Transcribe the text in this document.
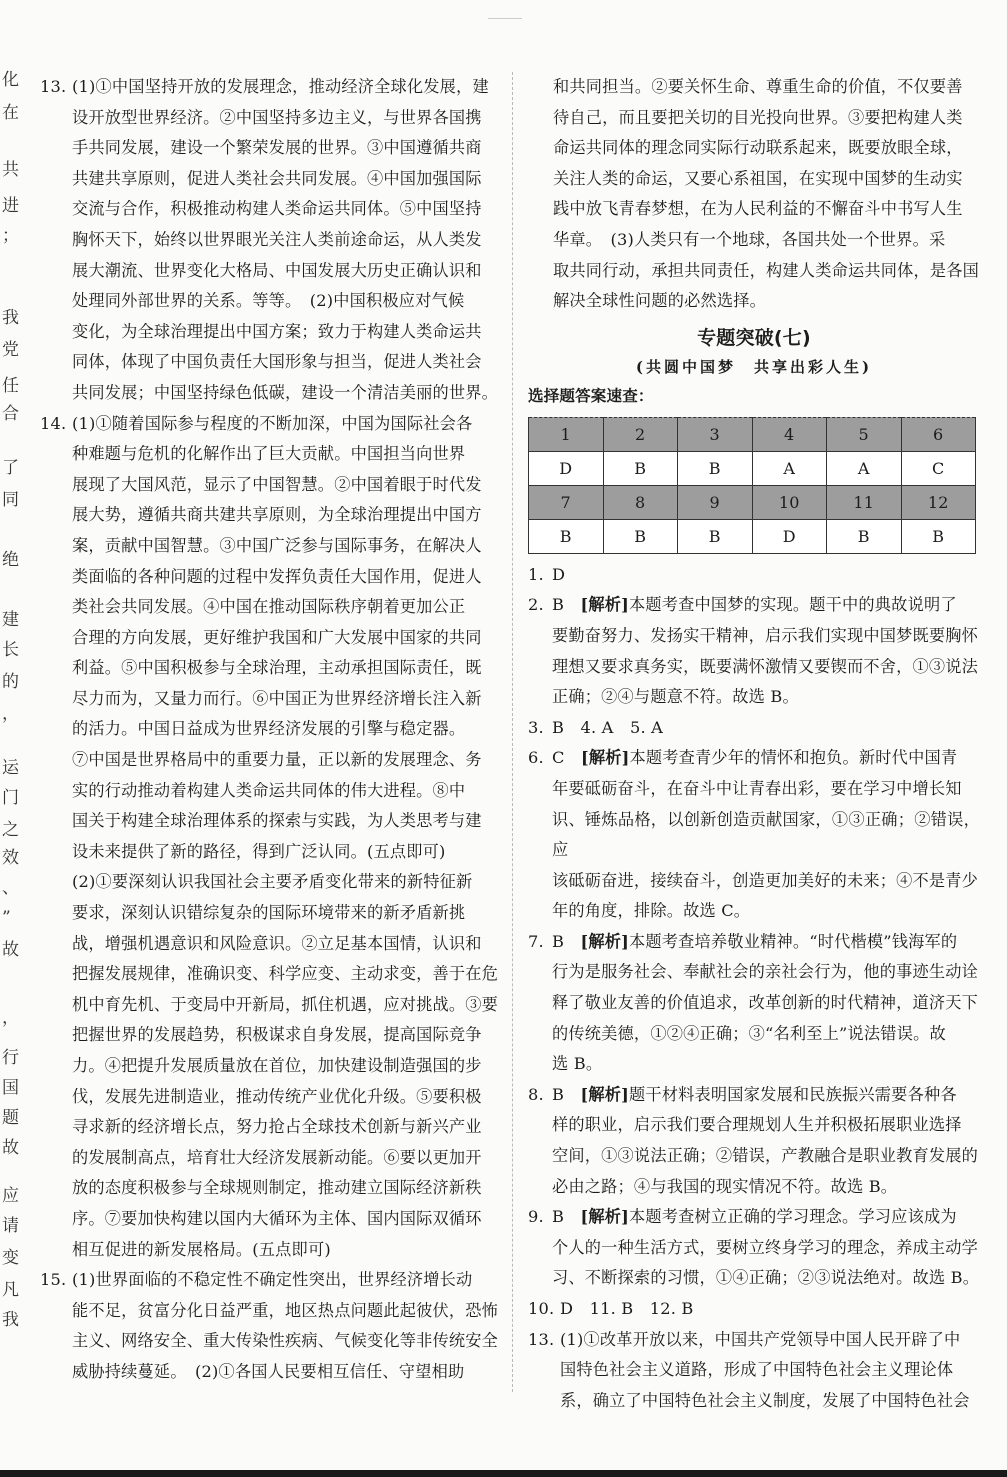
化
在
共
进
；
我
党
任
合
了
同
绝
建
长
的
，
运
门
之
效
、
”
故
，
行
国
题
故
应
请
变
凡
我
13. (1)①中国坚持开放的发展理念，推动经济全球化发展，建
设开放型世界经济。②中国坚持多边主义，与世界各国携
手共同发展，建设一个繁荣发展的世界。③中国遵循共商
共建共享原则，促进人类社会共同发展。④中国加强国际
交流与合作，积极推动构建人类命运共同体。⑤中国坚持
胸怀天下，始终以世界眼光关注人类前途命运，从人类发
展大潮流、世界变化大格局、中国发展大历史正确认识和
处理同外部世界的关系。等等。　(2)中国积极应对气候
变化，为全球治理提出中国方案；致力于构建人类命运共
同体，体现了中国负责任大国形象与担当，促进人类社会
共同发展；中国坚持绿色低碳，建设一个清洁美丽的世界。
14. (1)①随着国际参与程度的不断加深，中国为国际社会各
种难题与危机的化解作出了巨大贡献。中国担当向世界
展现了大国风范，显示了中国智慧。②中国着眼于时代发
展大势，遵循共商共建共享原则，为全球治理提出中国方
案，贡献中国智慧。③中国广泛参与国际事务，在解决人
类面临的各种问题的过程中发挥负责任大国作用，促进人
类社会共同发展。④中国在推动国际秩序朝着更加公正
合理的方向发展，更好维护我国和广大发展中国家的共同
利益。⑤中国积极参与全球治理，主动承担国际责任，既
尽力而为，又量力而行。⑥中国正为世界经济增长注入新
的活力。中国日益成为世界经济发展的引擎与稳定器。
⑦中国是世界格局中的重要力量，正以新的发展理念、务
实的行动推动着构建人类命运共同体的伟大进程。⑧中
国关于构建全球治理体系的探索与实践，为人类思考与建
设未来提供了新的路径，得到广泛认同。(五点即可)
(2)①要深刻认识我国社会主要矛盾变化带来的新特征新
要求，深刻认识错综复杂的国际环境带来的新矛盾新挑
战，增强机遇意识和风险意识。②立足基本国情，认识和
把握发展规律，准确识变、科学应变、主动求变，善于在危
机中育先机、于变局中开新局，抓住机遇，应对挑战。③要
把握世界的发展趋势，积极谋求自身发展，提高国际竞争
力。④把提升发展质量放在首位，加快建设制造强国的步
伐，发展先进制造业，推动传统产业优化升级。⑤要积极
寻求新的经济增长点，努力抢占全球技术创新与新兴产业
的发展制高点，培育壮大经济发展新动能。⑥要以更加开
放的态度积极参与全球规则制定，推动建立国际经济新秩
序。⑦要加快构建以国内大循环为主体、国内国际双循环
相互促进的新发展格局。(五点即可)
15. (1)世界面临的不稳定性不确定性突出，世界经济增长动
能不足，贫富分化日益严重，地区热点问题此起彼伏，恐怖
主义、网络安全、重大传染性疾病、气候变化等非传统安全
威胁持续蔓延。　(2)①各国人民要相互信任、守望相助
和共同担当。②要关怀生命、尊重生命的价值，不仅要善
待自己，而且要把关切的目光投向世界。③要把构建人类
命运共同体的理念同实际行动联系起来，既要放眼全球，
关注人类的命运，又要心系祖国，在实现中国梦的生动实
践中放飞青春梦想，在为人民利益的不懈奋斗中书写人生
华章。　(3)人类只有一个地球，各国共处一个世界。采
取共同行动，承担共同责任，构建人类命运共同体，是各国
解决全球性问题的必然选择。
专题突破(七)
(共圆中国梦　共享出彩人生)
选择题答案速查：
1	2	3	4	5	6
D	B	B	A	A	C
7	8	9	10	11	12
B	B	B	D	B	B
1. D
2. B　[解析]本题考查中国梦的实现。题干中的典故说明了
要勤奋努力、发扬实干精神，启示我们实现中国梦既要胸怀
理想又要求真务实，既要满怀激情又要锲而不舍，①③说法
正确；②④与题意不符。故选 B。
3. B　4. A　5. A
6. C　[解析]本题考查青少年的情怀和抱负。新时代中国青
年要砥砺奋斗，在奋斗中让青春出彩，要在学习中增长知
识、锤炼品格，以创新创造贡献国家，①③正确；②错误，应
该砥砺奋进，接续奋斗，创造更加美好的未来；④不是青少
年的角度，排除。故选 C。
7. B　[解析]本题考查培养敬业精神。“时代楷模”钱海军的
行为是服务社会、奉献社会的亲社会行为，他的事迹生动诠
释了敬业友善的价值追求，改革创新的时代精神，道济天下
的传统美德，①②④正确；③“名利至上”说法错误。故
选 B。
8. B　[解析]题干材料表明国家发展和民族振兴需要各种各
样的职业，启示我们要合理规划人生并积极拓展职业选择
空间，①③说法正确；②错误，产教融合是职业教育发展的
必由之路；④与我国的现实情况不符。故选 B。
9. B　[解析]本题考查树立正确的学习理念。学习应该成为
个人的一种生活方式，要树立终身学习的理念，养成主动学
习、不断探索的习惯，①④正确；②③说法绝对。故选 B。
10. D　11. B　12. B
13. (1)①改革开放以来，中国共产党领导中国人民开辟了中
国特色社会主义道路，形成了中国特色社会主义理论体
系，确立了中国特色社会主义制度，发展了中国特色社会
